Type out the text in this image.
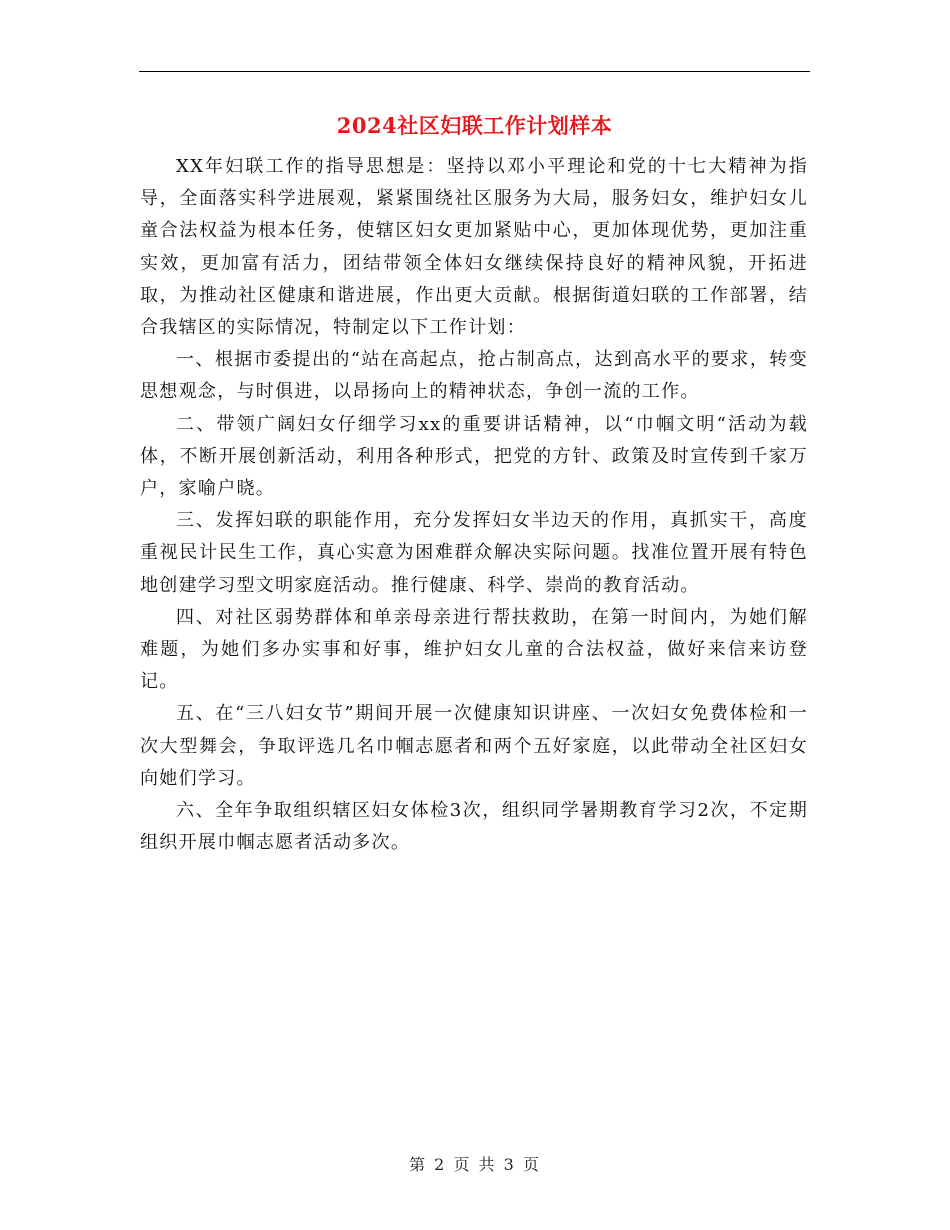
2024社区妇联工作计划样本

XX年妇联工作的指导思想是：坚持以邓小平理论和党的十七大精神为指导，全面落实科学进展观，紧紧围绕社区服务为大局，服务妇女，维护妇女儿童合法权益为根本任务，使辖区妇女更加紧贴中心，更加体现优势，更加注重实效，更加富有活力，团结带领全体妇女继续保持良好的精神风貌，开拓进取，为推动社区健康和谐进展，作出更大贡献。根据街道妇联的工作部署，结合我辖区的实际情况，特制定以下工作计划：

一、根据市委提出的“站在高起点，抢占制高点，达到高水平的要求，转变思想观念，与时俱进，以昂扬向上的精神状态，争创一流的工作。

二、带领广阔妇女仔细学习xx的重要讲话精神，以“巾帼文明“活动为载体，不断开展创新活动，利用各种形式，把党的方针、政策及时宣传到千家万户，家喻户晓。

三、发挥妇联的职能作用，充分发挥妇女半边天的作用，真抓实干，高度重视民计民生工作，真心实意为困难群众解决实际问题。找准位置开展有特色地创建学习型文明家庭活动。推行健康、科学、崇尚的教育活动。

四、对社区弱势群体和单亲母亲进行帮扶救助，在第一时间内，为她们解难题，为她们多办实事和好事，维护妇女儿童的合法权益，做好来信来访登记。

五、在“三八妇女节”期间开展一次健康知识讲座、一次妇女免费体检和一次大型舞会，争取评选几名巾帼志愿者和两个五好家庭，以此带动全社区妇女向她们学习。

六、全年争取组织辖区妇女体检3次，组织同学暑期教育学习2次，不定期组织开展巾帼志愿者活动多次。

第 2 页 共 3 页
